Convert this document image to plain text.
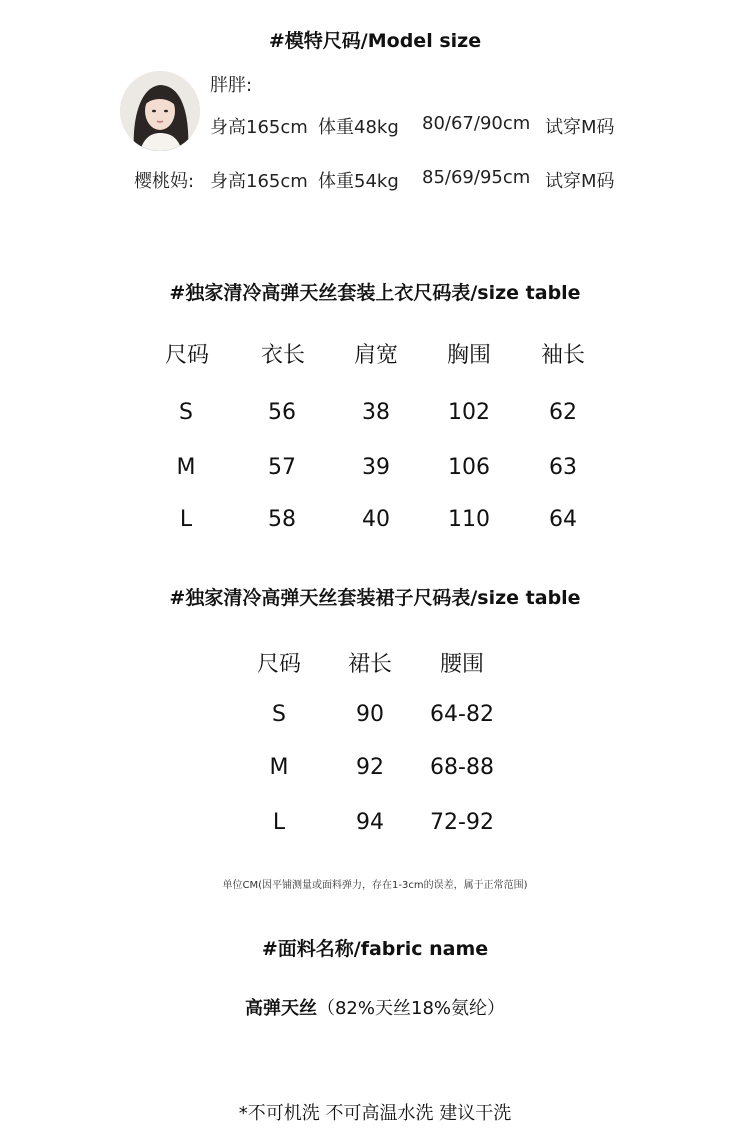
#模特尺码/Model size
胖胖:
身高165cm 体重48kg 80/67/90cm 试穿M码
樱桃妈: 身高165cm 体重54kg 85/69/95cm 试穿M码
#独家清冷高弹天丝套装上衣尺码表/size table
尺码 衣长 肩宽 胸围 袖长
S	56	38	102	62
M	57	39	106	63
L	58	40	110	64
#独家清冷高弹天丝套装裙子尺码表/size table
尺码 裙长 腰围
S	90 64-82
M	92 68-88
L	94 72-92
单位CM(因平铺测量或面料弹力，存在1-3cm的误差，属于正常范围)
#面料名称/fabric name
高弹天丝（82%天丝18%氨纶）
*不可机洗 不可高温水洗 建议干洗
